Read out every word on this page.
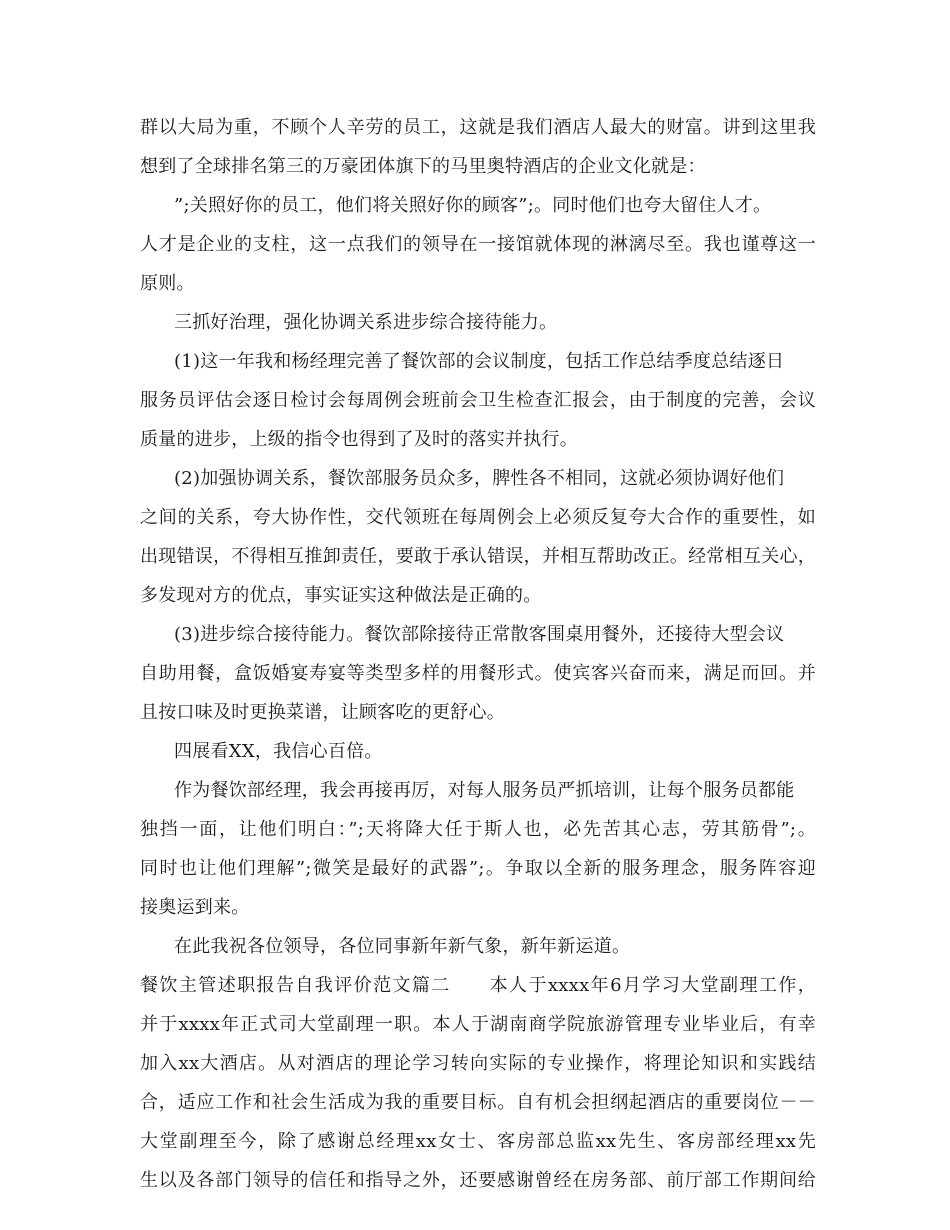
群以大局为重，不顾个人辛劳的员工，这就是我们酒店人最大的财富。讲到这里我
想到了全球排名第三的万豪团体旗下的马里奥特酒店的企业文化就是：
”;关照好你的员工，他们将关照好你的顾客”;。同时他们也夸大留住人才。
人才是企业的支柱，这一点我们的领导在一接馆就体现的淋漓尽至。我也谨尊这一
原则。
三抓好治理，强化协调关系进步综合接待能力。
(1)这一年我和杨经理完善了餐饮部的会议制度，包括工作总结季度总结逐日
服务员评估会逐日检讨会每周例会班前会卫生检查汇报会，由于制度的完善，会议
质量的进步，上级的指令也得到了及时的落实并执行。
(2)加强协调关系，餐饮部服务员众多，脾性各不相同，这就必须协调好他们
之间的关系，夸大协作性，交代领班在每周例会上必须反复夸大合作的重要性，如
出现错误，不得相互推卸责任，要敢于承认错误，并相互帮助改正。经常相互关心，
多发现对方的优点，事实证实这种做法是正确的。
(3)进步综合接待能力。餐饮部除接待正常散客围桌用餐外，还接待大型会议
自助用餐，盒饭婚宴寿宴等类型多样的用餐形式。使宾客兴奋而来，满足而回。并
且按口味及时更换菜谱，让顾客吃的更舒心。
四展看XX，我信心百倍。
作为餐饮部经理，我会再接再厉，对每人服务员严抓培训，让每个服务员都能
独挡一面，让他们明白：”;天将降大任于斯人也，必先苦其心志，劳其筋骨”;。
同时也让他们理解”;微笑是最好的武器”;。争取以全新的服务理念，服务阵容迎
接奥运到来。
在此我祝各位领导，各位同事新年新气象，新年新运道。
餐饮主管述职报告自我评价范文篇二　　本人于xxxx年6月学习大堂副理工作，
并于xxxx年正式司大堂副理一职。本人于湖南商学院旅游管理专业毕业后，有幸
加入xx大酒店。从对酒店的理论学习转向实际的专业操作，将理论知识和实践结
合，适应工作和社会生活成为我的重要目标。自有机会担纲起酒店的重要岗位－－
大堂副理至今，除了感谢总经理xx女士、客房部总监xx先生、客房部经理xx先
生以及各部门领导的信任和指导之外，还要感谢曾经在房务部、前厅部工作期间给
